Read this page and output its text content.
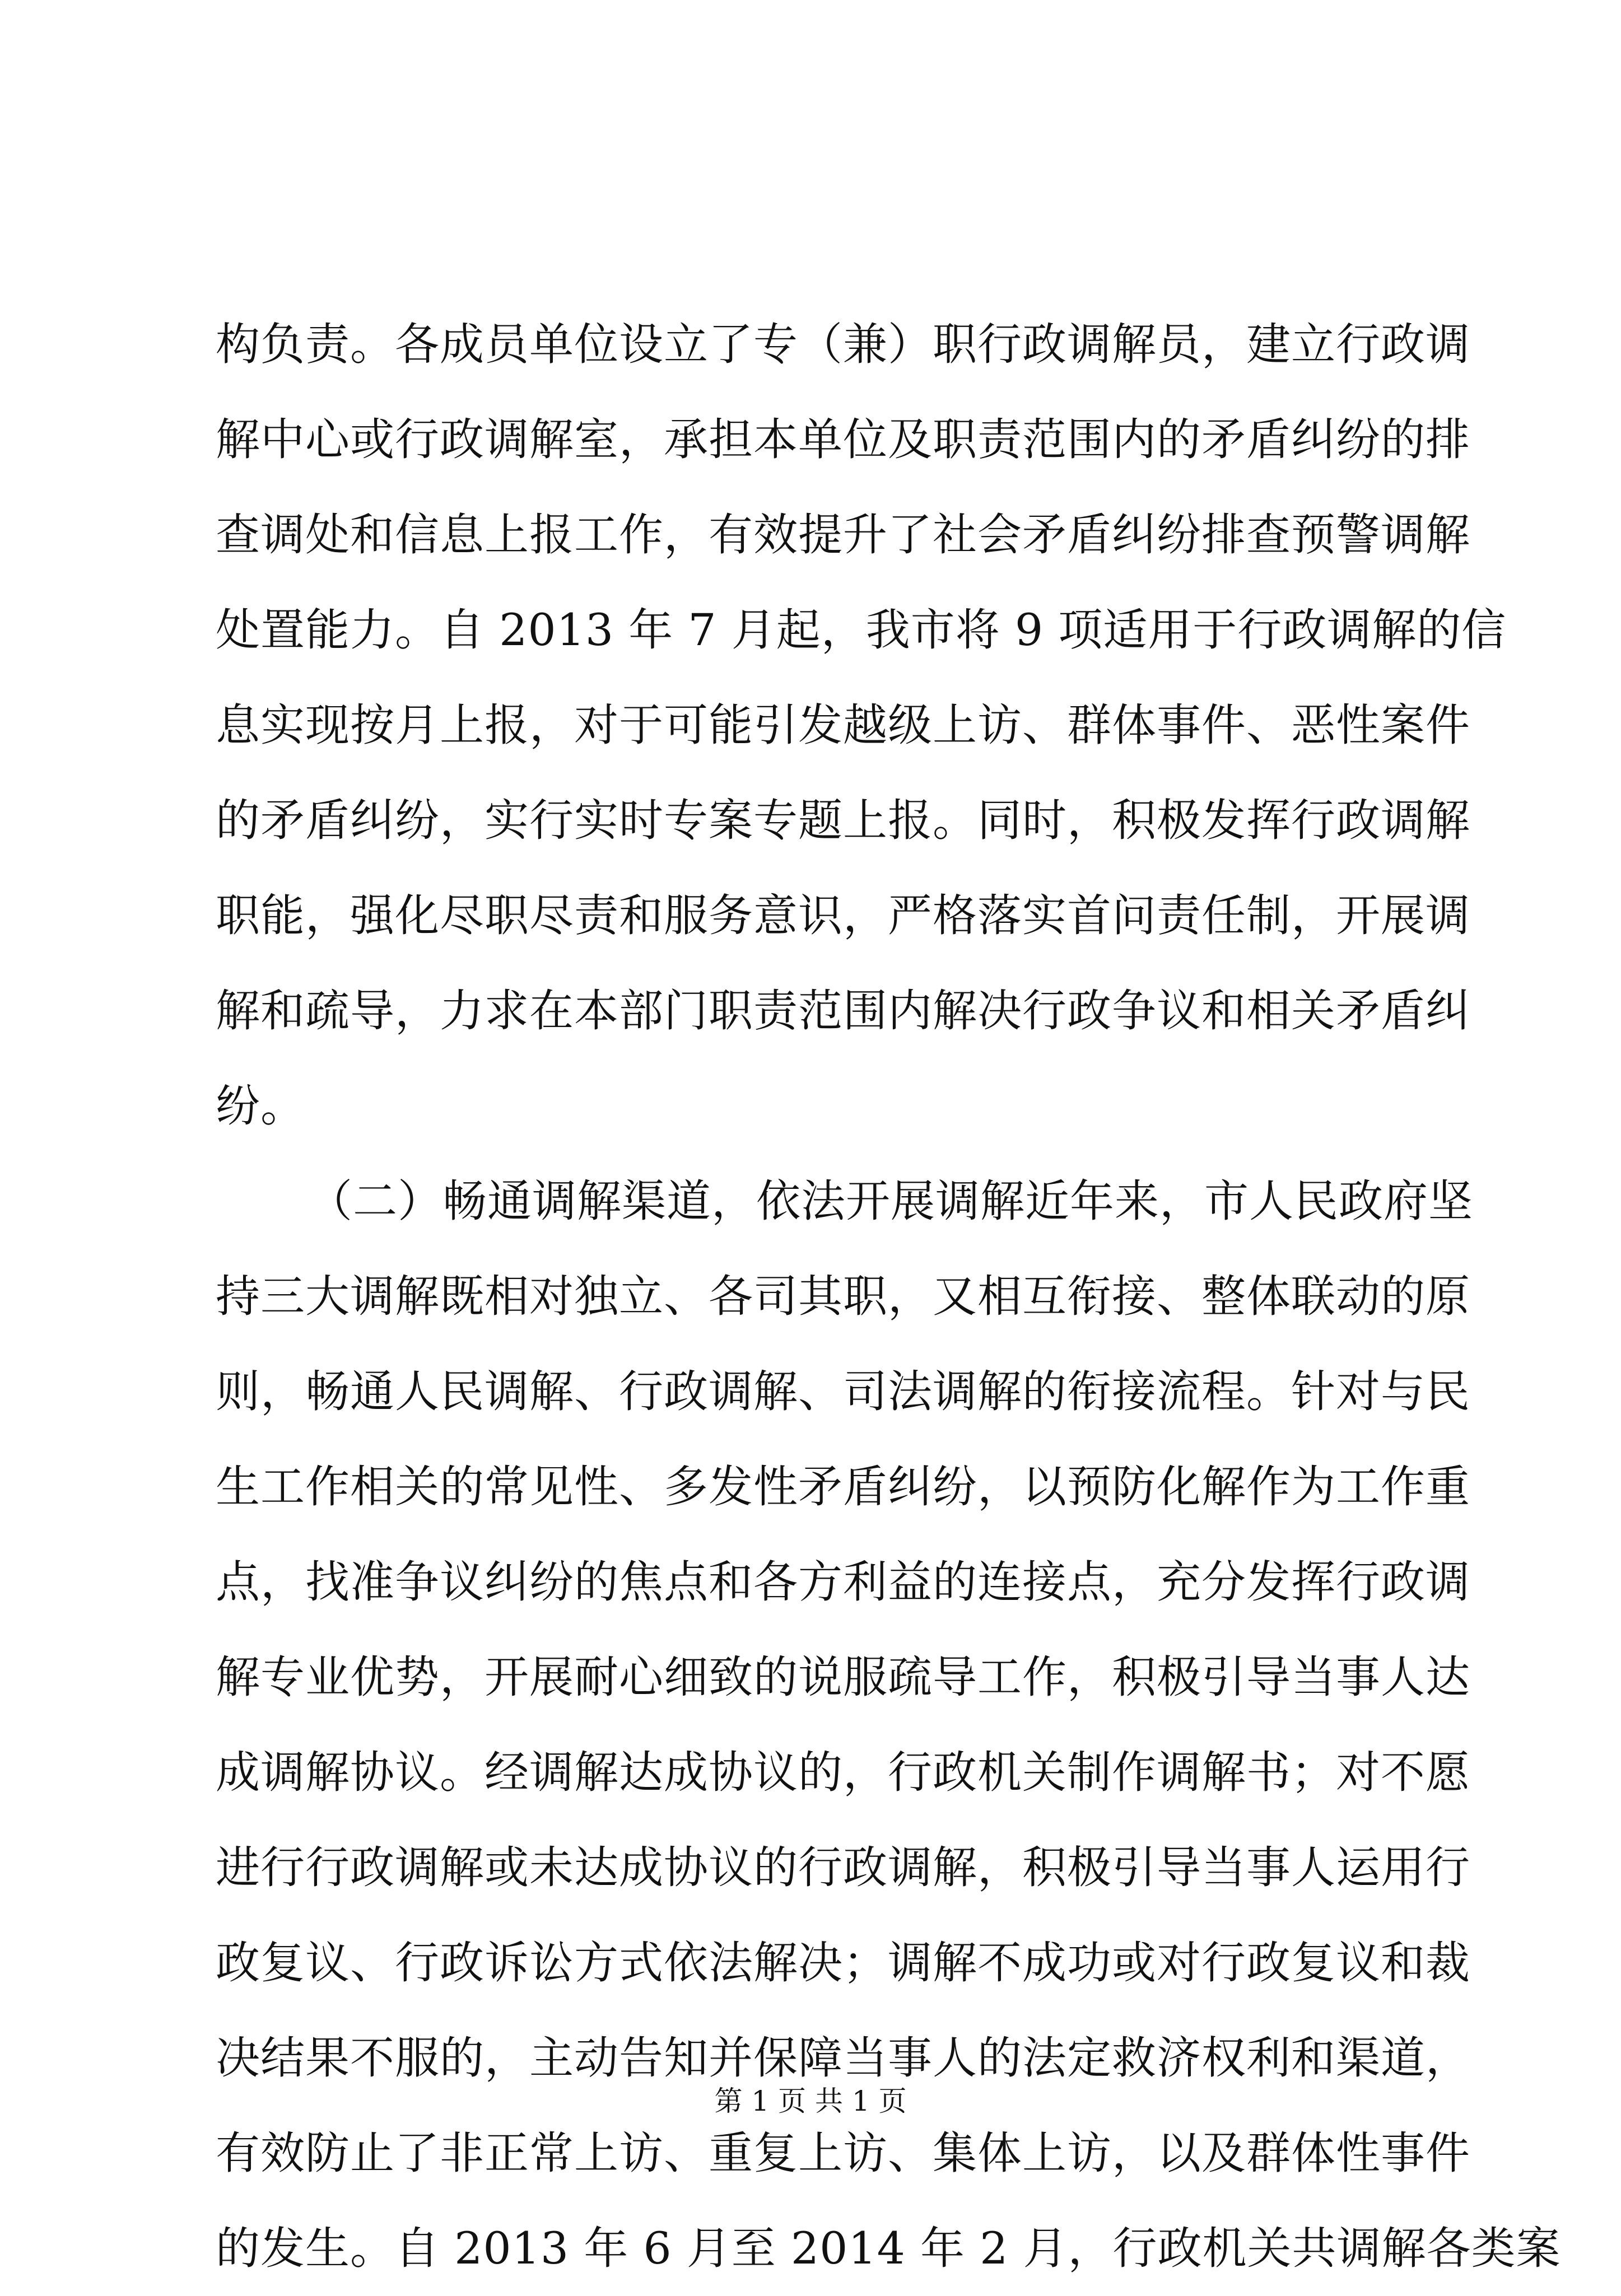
构负责。各成员单位设立了专（兼）职行政调解员，建立行政调
解中心或行政调解室，承担本单位及职责范围内的矛盾纠纷的排
查调处和信息上报工作，有效提升了社会矛盾纠纷排查预警调解
处置能力。自 2013 年 7 月起，我市将 9 项适用于行政调解的信
息实现按月上报，对于可能引发越级上访、群体事件、恶性案件
的矛盾纠纷，实行实时专案专题上报。同时，积极发挥行政调解
职能，强化尽职尽责和服务意识，严格落实首问责任制，开展调
解和疏导，力求在本部门职责范围内解决行政争议和相关矛盾纠
纷。
（二）畅通调解渠道，依法开展调解近年来，市人民政府坚
持三大调解既相对独立、各司其职，又相互衔接、整体联动的原
则，畅通人民调解、行政调解、司法调解的衔接流程。针对与民
生工作相关的常见性、多发性矛盾纠纷，以预防化解作为工作重
点，找准争议纠纷的焦点和各方利益的连接点，充分发挥行政调
解专业优势，开展耐心细致的说服疏导工作，积极引导当事人达
成调解协议。经调解达成协议的，行政机关制作调解书；对不愿
进行行政调解或未达成协议的行政调解，积极引导当事人运用行
政复议、行政诉讼方式依法解决；调解不成功或对行政复议和裁
决结果不服的，主动告知并保障当事人的法定救济权利和渠道，
有效防止了非正常上访、重复上访、集体上访，以及群体性事件
的发生。自 2013 年 6 月至 2014 年 2 月，行政机关共调解各类案
第 1 页 共 1 页
